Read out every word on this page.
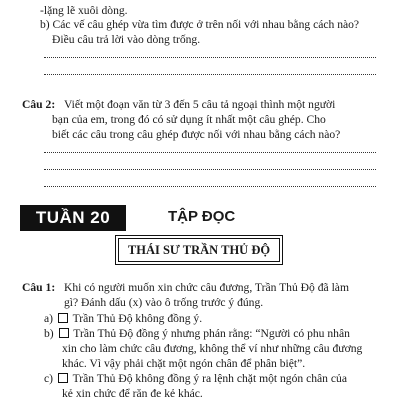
-lặng lẽ xuôi dòng.
b) Các vế câu ghép vừa tìm được ở trên nối với nhau bằng cách nào?
Điều câu trả lời vào dòng trống.
Câu 2: Viết một đoạn văn từ 3 đến 5 câu tả ngoại thình một người
bạn của em, trong đó có sử dụng ít nhất một câu ghép. Cho
biết các câu trong câu ghép được nối với nhau bằng cách nào?
TUẦN 20	TẬP ĐỌC
THÁI SƯ TRẦN THỦ ĐỘ
Câu 1: Khi có người muốn xin chức câu đương, Trần Thủ Độ đã làm
gì? Đánh dấu (x) vào ô trống trước ý đúng.
a) Trần Thủ Độ không đồng ý.
b) Trần Thủ Độ đồng ý nhưng phán rằng: “Người có phu nhân
xin cho làm chức câu đương, không thể ví như những câu đương
khác. Vì vậy phải chặt một ngón chân để phân biệt”.
c) Trần Thủ Độ không đồng ý ra lệnh chặt một ngón chân của
kẻ xin chức để răn đe kẻ khác.
